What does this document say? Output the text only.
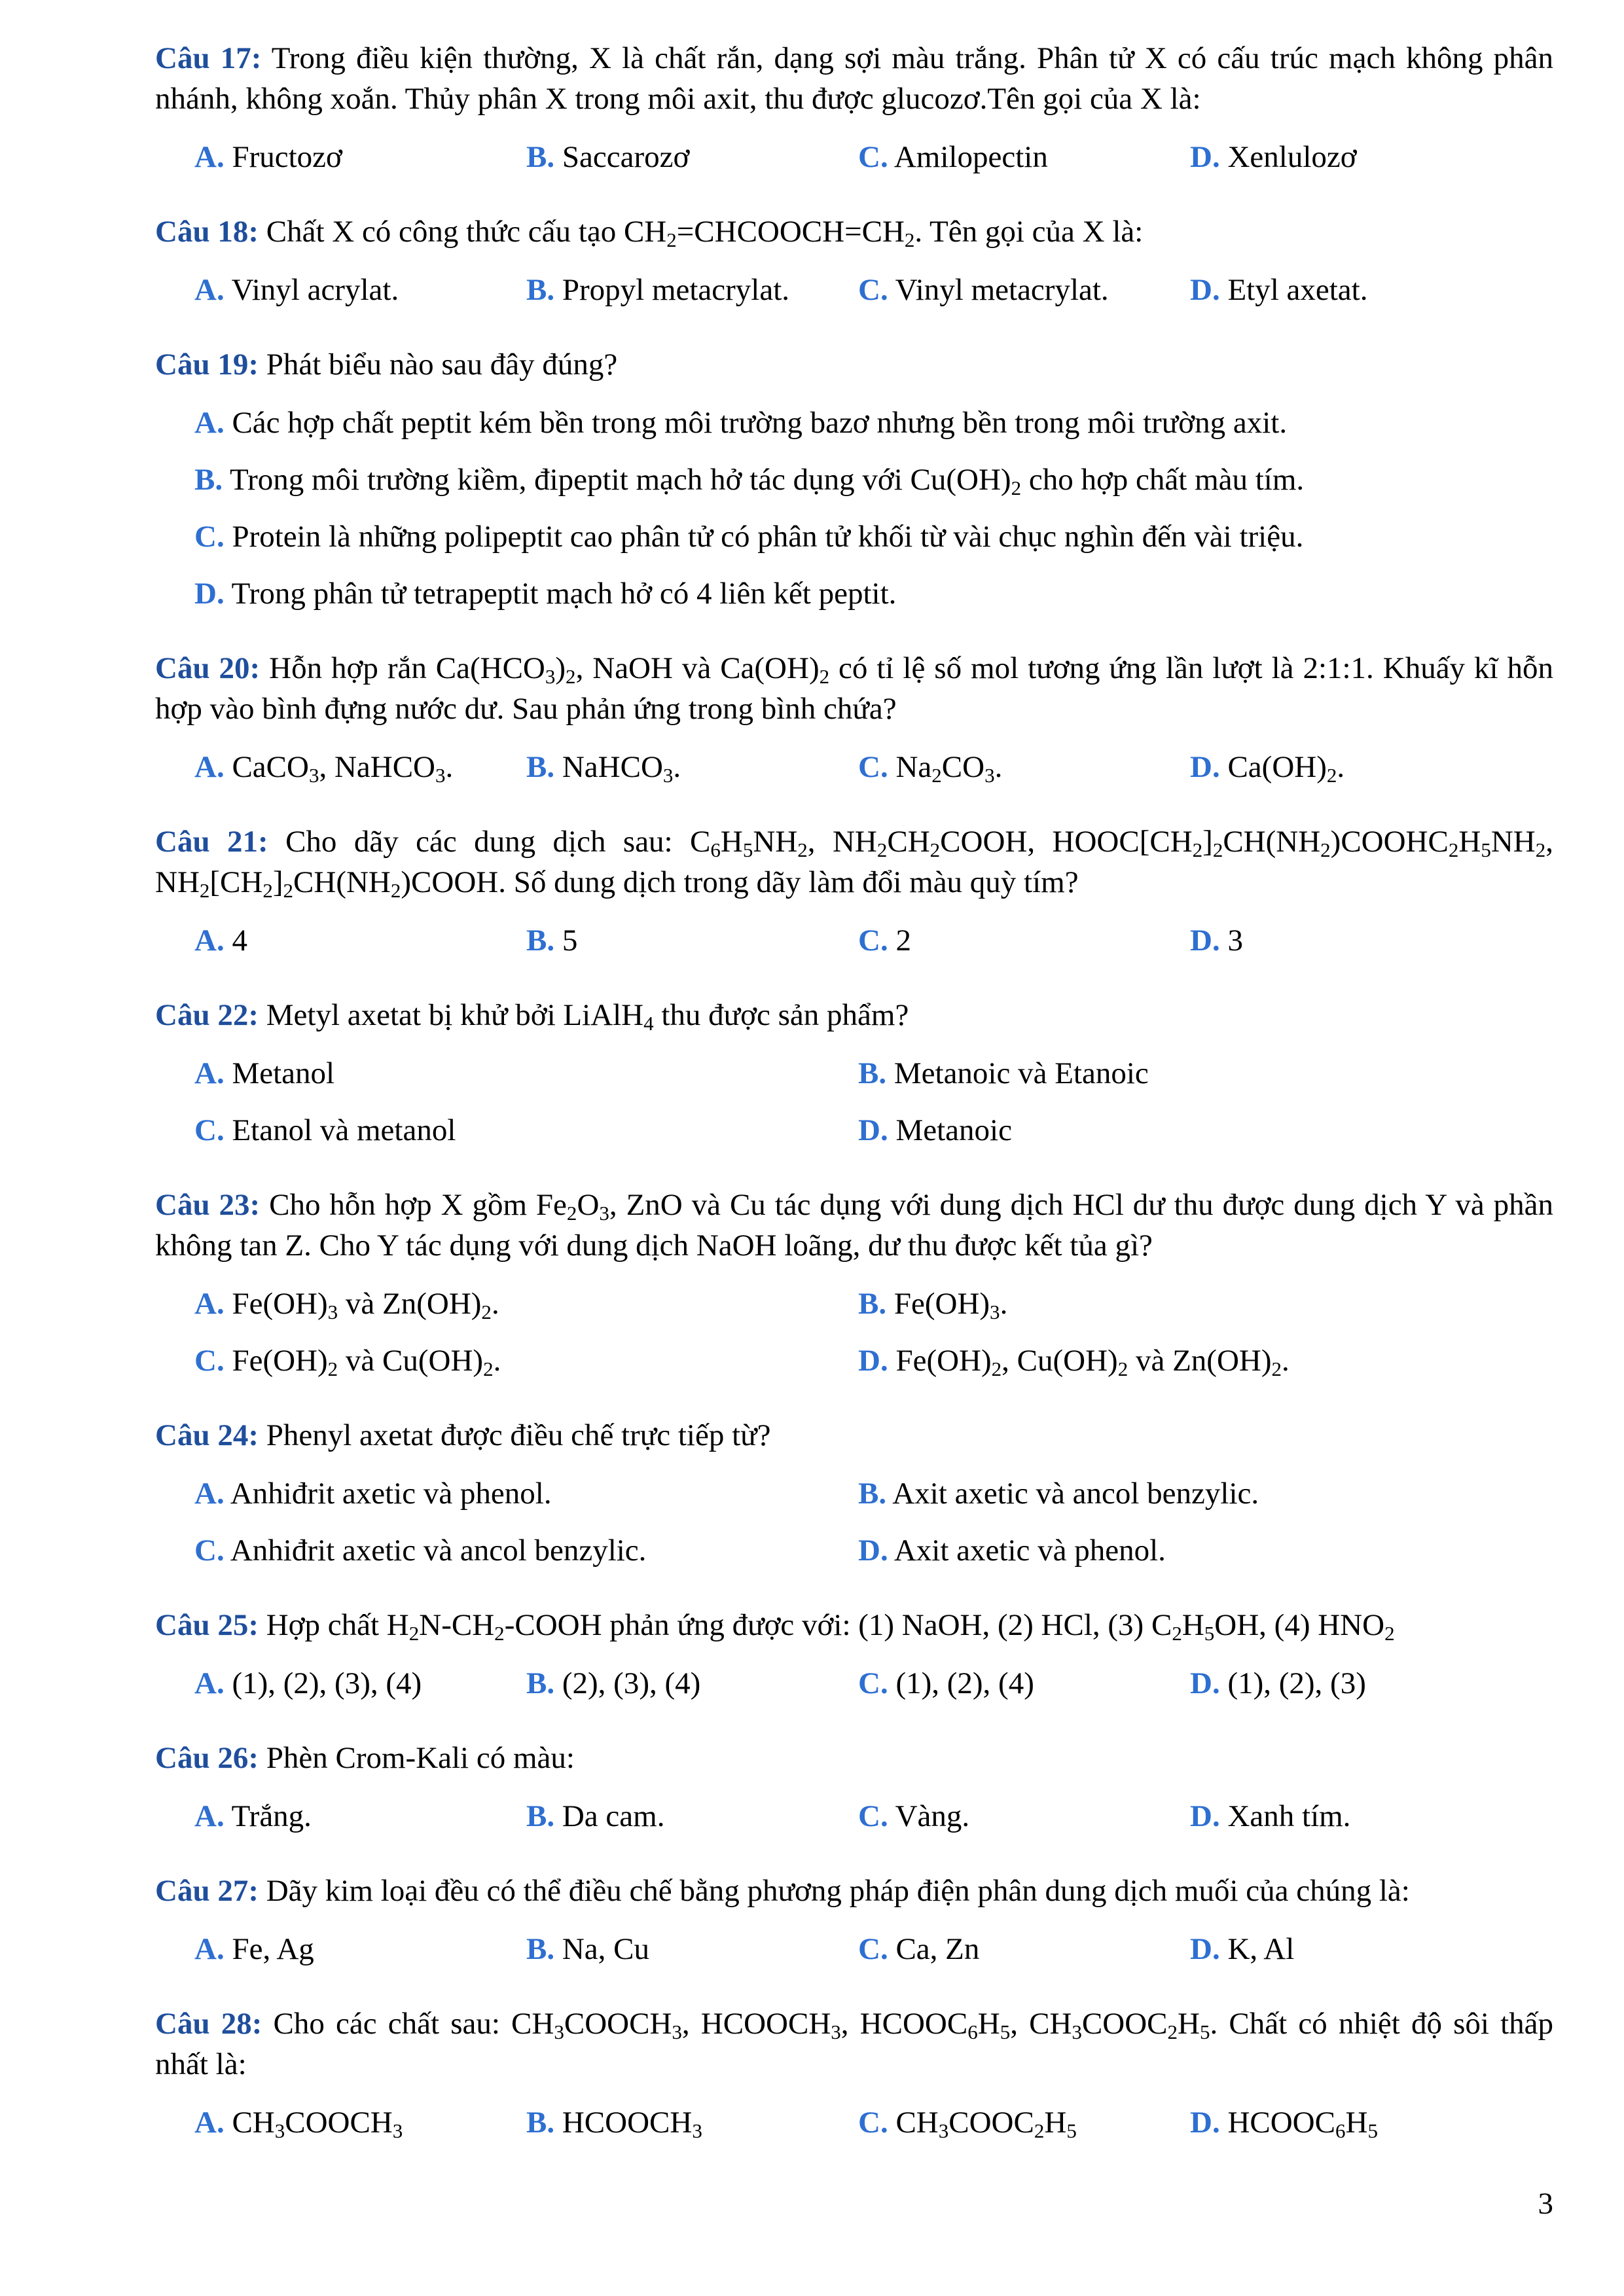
Câu 17: Trong điều kiện thường, X là chất rắn, dạng sợi màu trắng. Phân tử X có cấu trúc mạch không phân nhánh, không xoắn. Thủy phân X trong môi axit, thu được glucozơ.Tên gọi của X là:
A. Fructozơ	B. Saccarozơ	C. Amilopectin	D. Xenlulozơ
Câu 18: Chất X có công thức cấu tạo $CH_2=CHCOOCH=CH_2$. Tên gọi của X là:
A. Vinyl acrylat.	B. Propyl metacrylat.	C. Vinyl metacrylat.	D. Etyl axetat.
Câu 19: Phát biểu nào sau đây đúng?
A. Các hợp chất peptit kém bền trong môi trường bazơ nhưng bền trong môi trường axit.
B. Trong môi trường kiềm, đipeptit mạch hở tác dụng với $Cu(OH)_2$ cho hợp chất màu tím.
C. Protein là những polipeptit cao phân tử có phân tử khối từ vài chục nghìn đến vài triệu.
D. Trong phân tử tetrapeptit mạch hở có 4 liên kết peptit.
Câu 20: Hỗn hợp rắn $Ca(HCO_3)_2$, NaOH và $Ca(OH)_2$ có tỉ lệ số mol tương ứng lần lượt là 2:1:1. Khuấy kĩ hỗn hợp vào bình đựng nước dư. Sau phản ứng trong bình chứa?
A. CaCO$_3$, NaHCO$_3$.	B. NaHCO$_3$.	C. $Na_2CO_3$.	D. $Ca(OH)_2$.
Câu 21: Cho dãy các dung dịch sau: $C_6H_5NH_2$, $NH_2CH_2COOH$, $HOOC[CH_2]_2CH(NH_2)COOHC_2H_5NH_2$, $NH_2[CH_2]_2CH(NH_2)COOH$. Số dung dịch trong dãy làm đổi màu quỳ tím?
A. 4	B. 5	C. 2	D. 3
Câu 22: Metyl axetat bị khử bởi LiAlH$_4$ thu được sản phẩm?
A. Metanol	B. Metanoic và Etanoic
C. Etanol và metanol	D. Metanoic
Câu 23: Cho hỗn hợp X gồm $Fe_2O_3$, ZnO và Cu tác dụng với dung dịch HCl dư thu được dung dịch Y và phần không tan Z. Cho Y tác dụng với dung dịch NaOH loãng, dư thu được kết tủa gì?
A. $Fe(OH)_3$ và $Zn(OH)_2$.	B. $Fe(OH)_3$.
C. $Fe(OH)_2$ và $Cu(OH)_2$.	D. $Fe(OH)_2$, $Cu(OH)_2$ và $Zn(OH)_2$.
Câu 24: Phenyl axetat được điều chế trực tiếp từ?
A. Anhiđrit axetic và phenol.	B. Axit axetic và ancol benzylic.
C. Anhiđrit axetic và ancol benzylic.	D. Axit axetic và phenol.
Câu 25: Hợp chất $H_2N-CH_2$-COOH phản ứng được với: (1) NaOH, (2) HCl, (3) $C_2H_5OH$, (4) $HNO_2$
A. (1), (2), (3), (4)	B. (2), (3), (4)	C. (1), (2), (4)	D. (1), (2), (3)
Câu 26: Phèn Crom-Kali có màu:
A. Trắng.	B. Da cam.	C. Vàng.	D. Xanh tím.
Câu 27: Dãy kim loại đều có thể điều chế bằng phương pháp điện phân dung dịch muối của chúng là:
A. Fe, Ag	B. Na, Cu	C. Ca, Zn	D. K, Al
Câu 28: Cho các chất sau: $CH_3COOCH_3$, $HCOOCH_3$, $HCOOC_6H_5$, $CH_3COOC_2H_5$. Chất có nhiệt độ sôi thấp nhất là:
A. $CH_3COOCH_3$	B. $HCOOCH_3$	C. $CH_3COOC_2H_5$	D. $HCOOC_6H_5$
3
